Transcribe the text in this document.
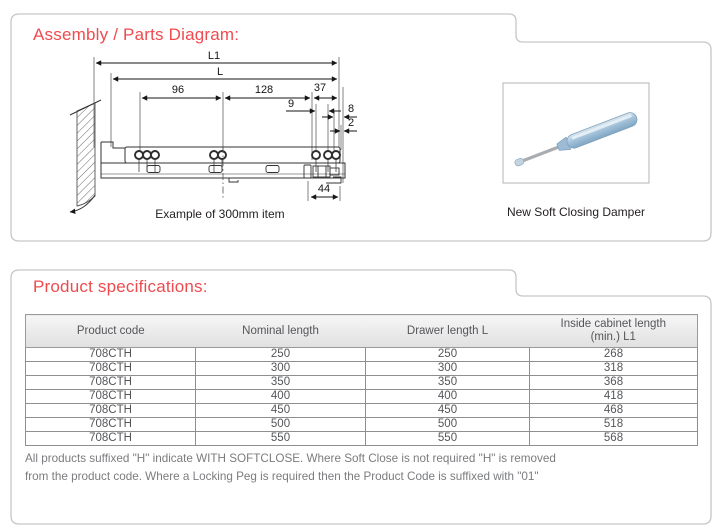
Assembly / Parts Diagram:
L1
L
96	128	37
9	8
2
44
Example of 300mm item	New Soft Closing Damper
Product specifications:
Product code	Nominal length	Drawer length L	Inside cabinet length
(min.) L1

708CTH	250	250	268
708CTH	300	300	318
708CTH	350	350	368
708CTH	400	400	418
708CTH	450	450	468
708CTH	500	500	518
708CTH	550	550	568
All products suffixed "H" indicate WITH SOFTCLOSE. Where Soft Close is not required "H" is removed
from the product code. Where a Locking Peg is required then the Product Code is suffixed with "01"
